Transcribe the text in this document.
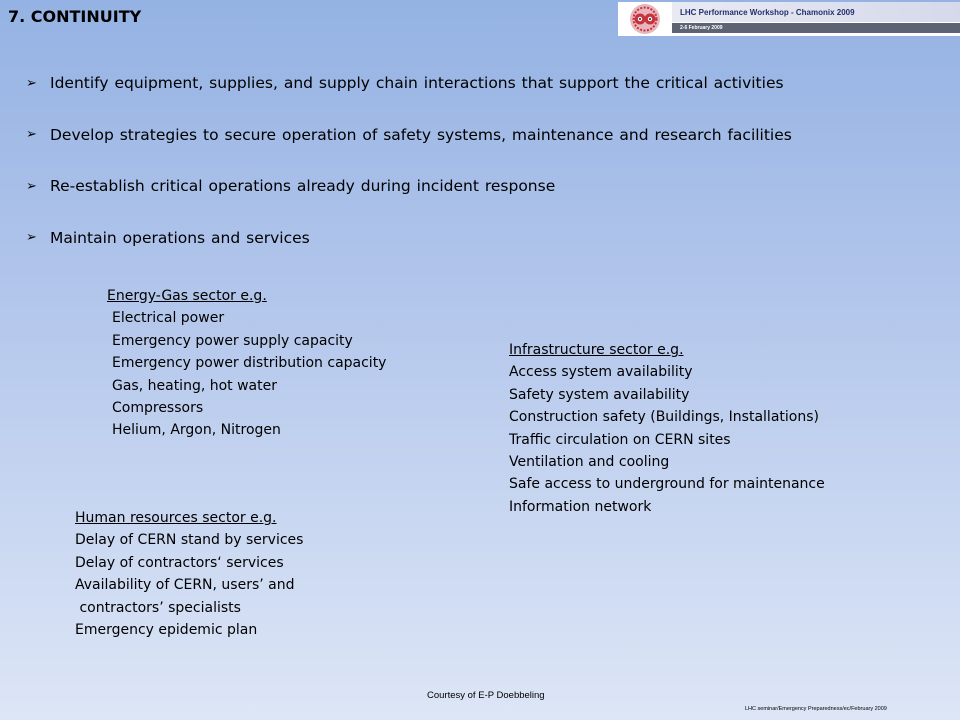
7. CONTINUITY	LHC Performance Workshop - Chamonix 2009
2-6 February 2009
➢ Identify equipment, supplies, and supply chain interactions that support the critical activities
➢ Develop strategies to secure operation of safety systems, maintenance and research facilities
➢ Re-establish critical operations already during incident response
➢ Maintain operations and services
Energy-Gas sector e.g.
Electrical power
Emergency power supply capacity
Emergency power distribution capacity
Gas, heating, hot water
Compressors
Helium, Argon, Nitrogen
Infrastructure sector e.g.
Access system availability
Safety system availability
Construction safety (Buildings, Installations)
Traffic circulation on CERN sites
Ventilation and cooling
Safe access to underground for maintenance
Information network
Human resources sector e.g.
Delay of CERN stand by services
Delay of contractors‘ services
Availability of CERN, users’ and
contractors’ specialists
Emergency epidemic plan
Courtesy of E-P Doebbeling
LHC seminar/Emergency Preparedness/ec/February 2009
